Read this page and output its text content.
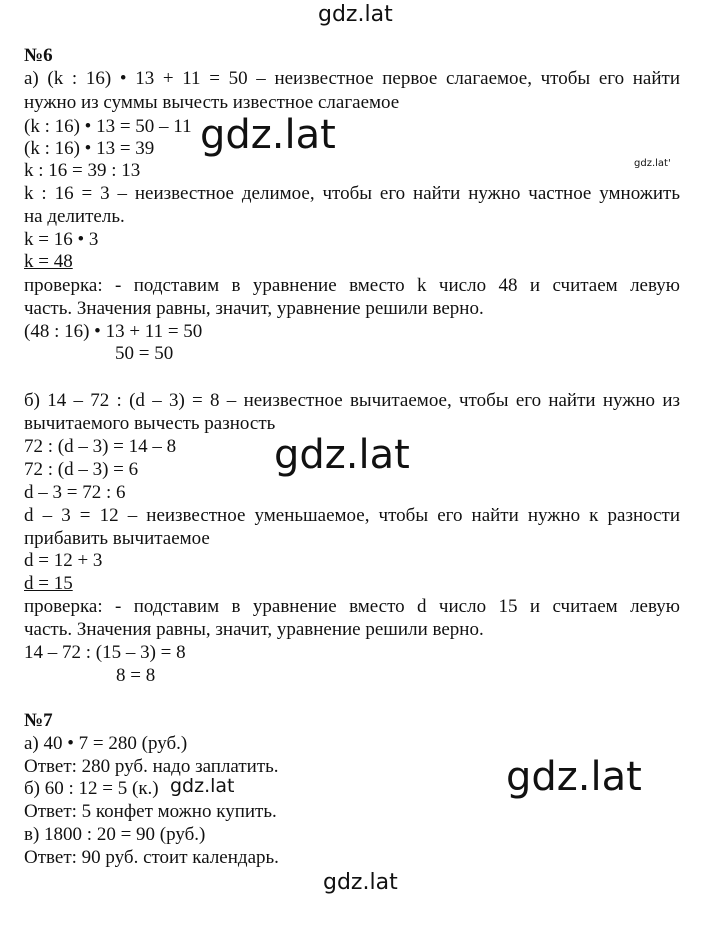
gdz.lat
№6
а) (k : 16) • 13 + 11 = 50 – неизвестное первое слагаемое, чтобы его найти
нужно из суммы вычесть известное слагаемое
(k : 16) • 13 = 50 – 11
(k : 16) • 13 = 39
k : 16 = 39 : 13
k : 16 = 3 – неизвестное делимое, чтобы его найти нужно частное умножить
на делитель.
k = 16 • 3
k = 48
проверка: - подставим в уравнение вместо k число 48 и считаем левую
часть. Значения равны, значит, уравнение решили верно.
(48 : 16) • 13 + 11 = 50
50 = 50
б) 14 – 72 : (d – 3) = 8 – неизвестное вычитаемое, чтобы его найти нужно из
вычитаемого вычесть разность
72 : (d – 3) = 14 – 8
72 : (d – 3) = 6
d – 3 = 72 : 6
d – 3 = 12 – неизвестное уменьшаемое, чтобы его найти нужно к разности
прибавить вычитаемое
d = 12 + 3
d = 15
проверка: - подставим в уравнение вместо d число 15 и считаем левую
часть. Значения равны, значит, уравнение решили верно.
14 – 72 : (15 – 3) = 8
8 = 8
№7
а) 40 • 7 = 280 (руб.)
Ответ: 280 руб. надо заплатить.
б) 60 : 12 = 5 (к.)
Ответ: 5 конфет можно купить.
в) 1800 : 20 = 90 (руб.)
Ответ: 90 руб. стоит календарь.
gdz.lat
gdz.lat'
gdz.lat
gdz.lat
gdz.lat
gdz.lat
